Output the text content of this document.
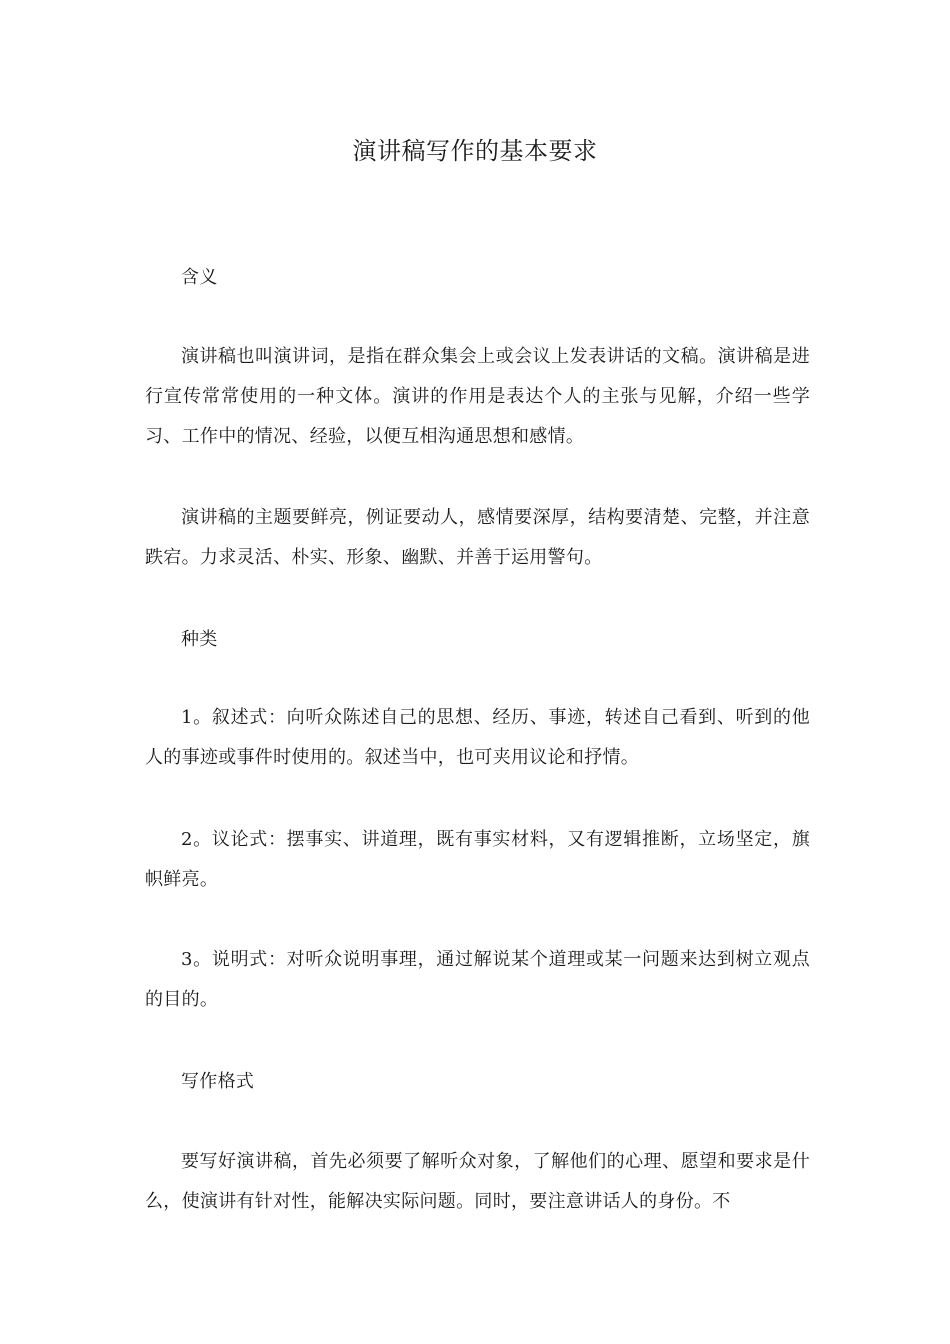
演讲稿写作的基本要求

含义

演讲稿也叫演讲词，是指在群众集会上或会议上发表讲话的文稿。演讲稿是进行宣传常常使用的一种文体。演讲的作用是表达个人的主张与见解，介绍一些学习、工作中的情况、经验，以便互相沟通思想和感情。

演讲稿的主题要鲜亮，例证要动人，感情要深厚，结构要清楚、完整，并注意跌宕。力求灵活、朴实、形象、幽默、并善于运用警句。

种类

1。叙述式：向听众陈述自己的思想、经历、事迹，转述自己看到、听到的他人的事迹或事件时使用的。叙述当中，也可夹用议论和抒情。

2。议论式：摆事实、讲道理，既有事实材料，又有逻辑推断，立场坚定，旗帜鲜亮。

3。说明式：对听众说明事理，通过解说某个道理或某一问题来达到树立观点的目的。

写作格式

要写好演讲稿，首先必须要了解听众对象，了解他们的心理、愿望和要求是什么，使演讲有针对性，能解决实际问题。同时，要注意讲话人的身份。不
